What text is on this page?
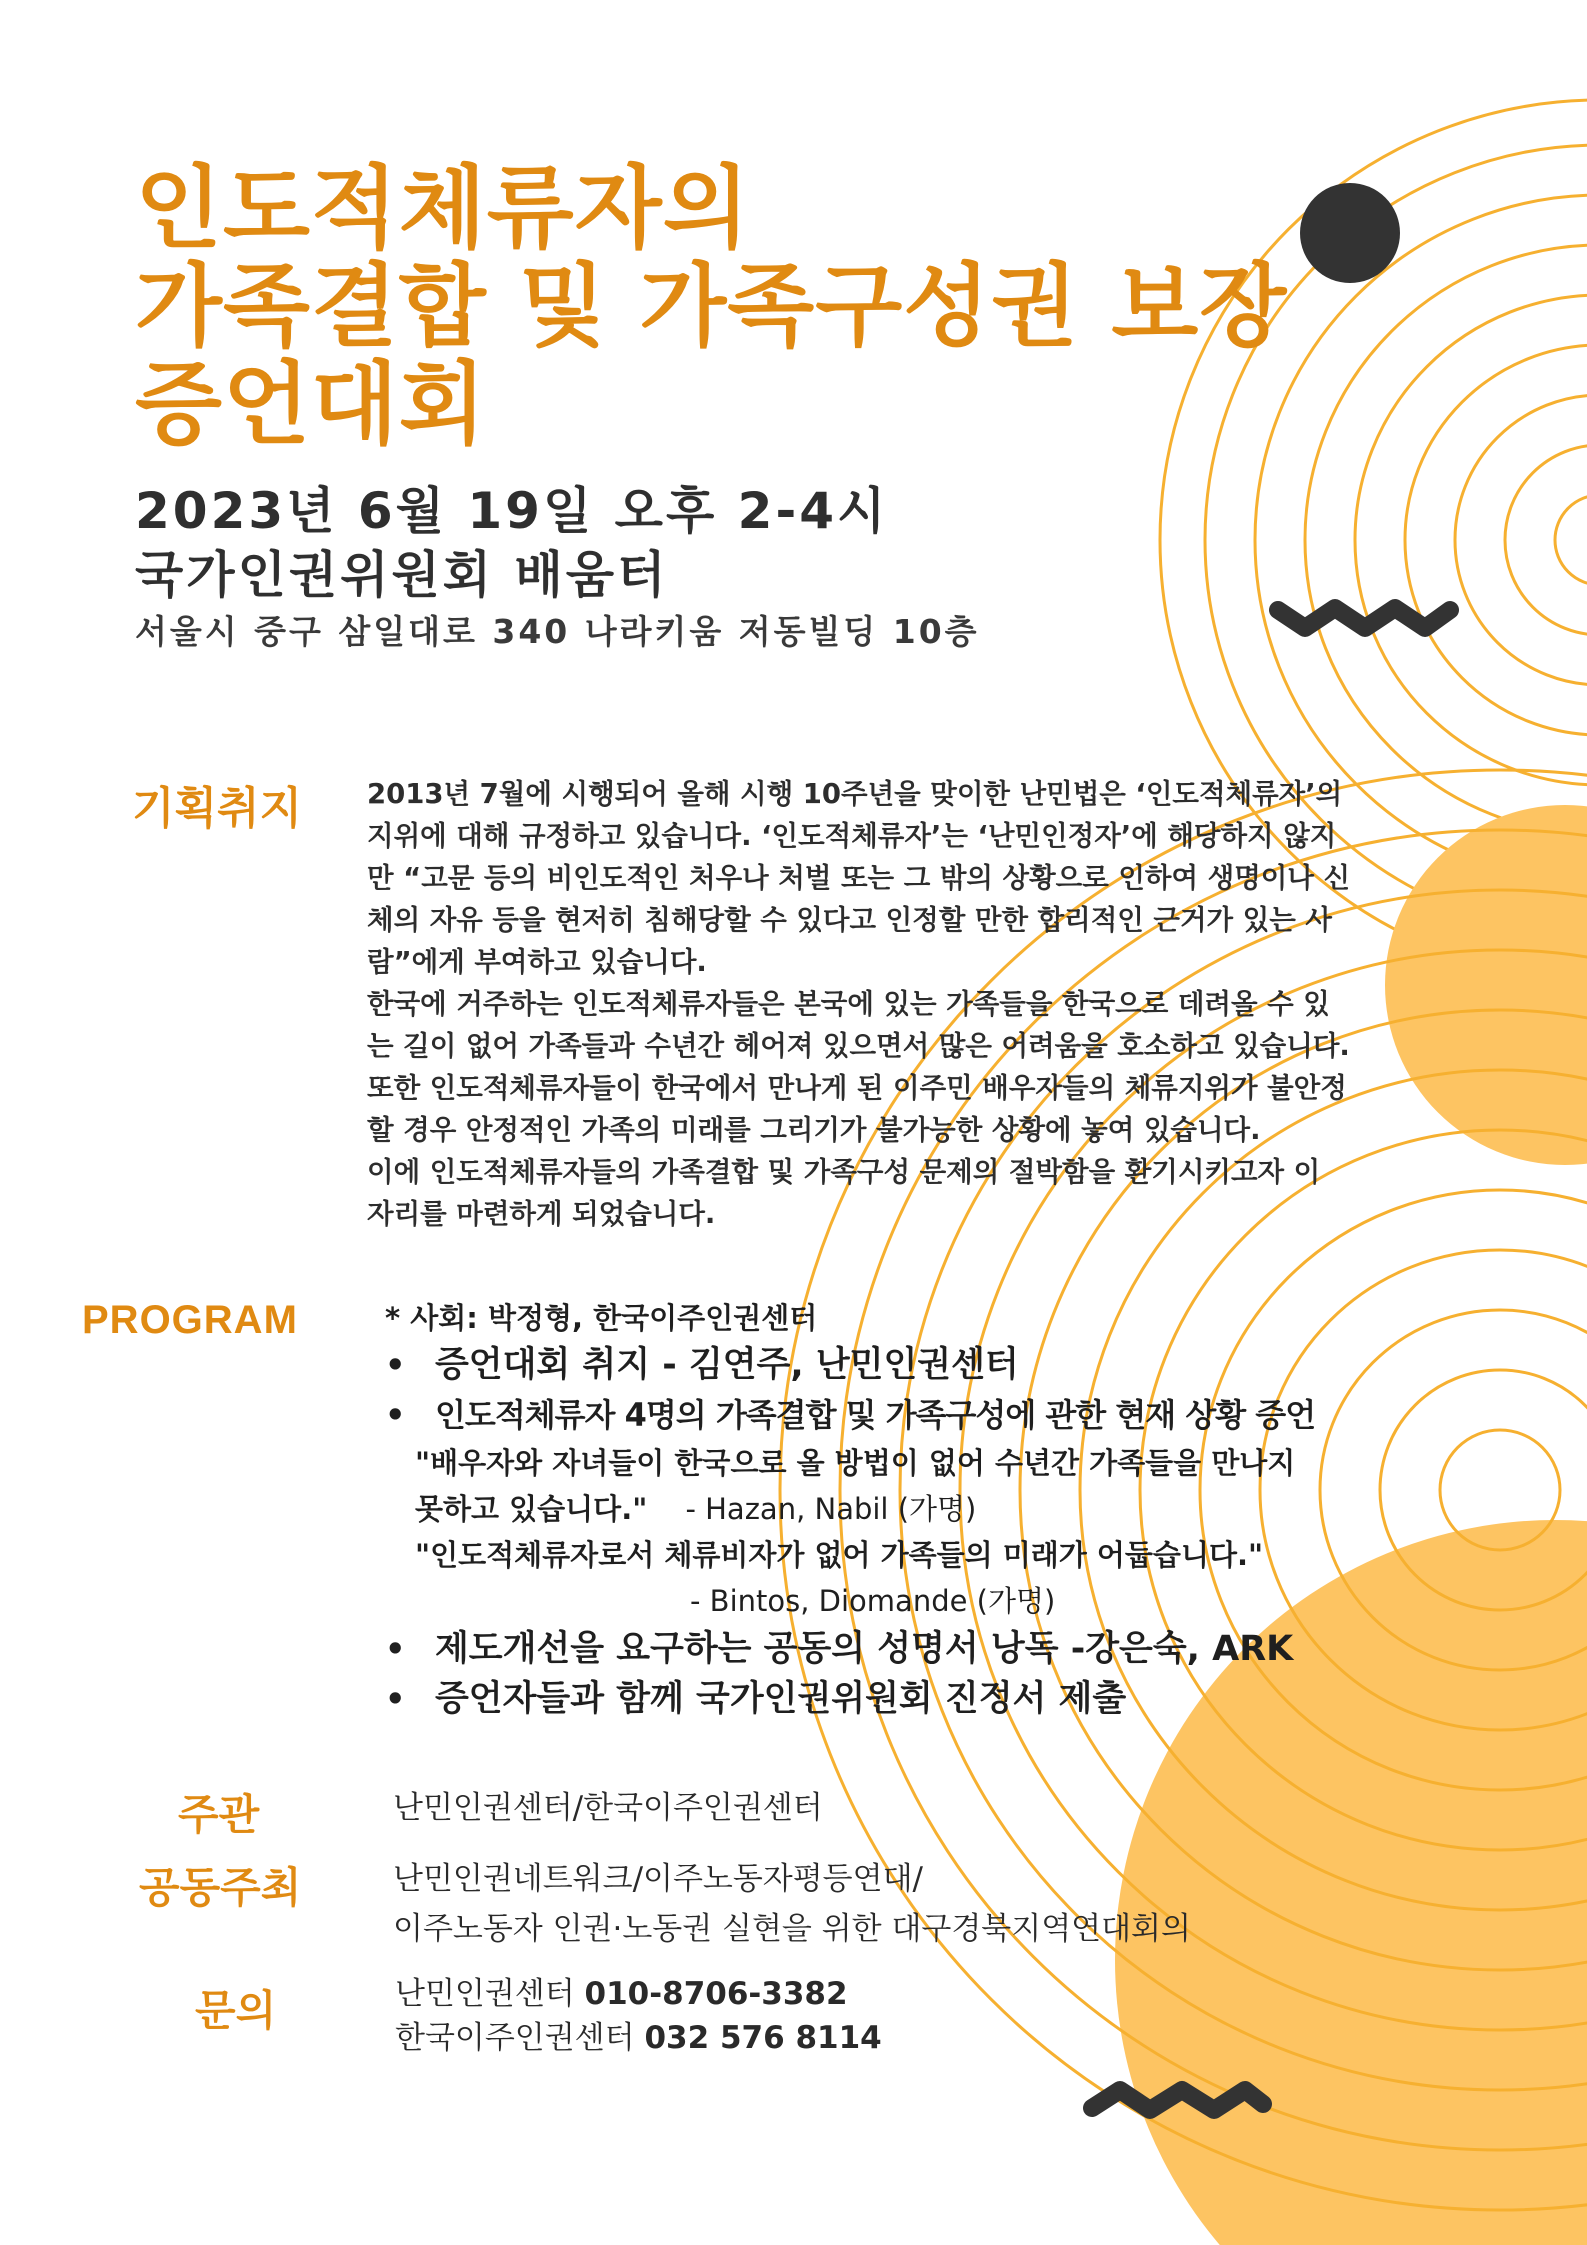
인도적체류자의
가족결합 및 가족구성권 보장
증언대회
2023년 6월 19일 오후 2-4시
국가인권위원회 배움터
서울시 중구 삼일대로 340 나라키움 저동빌딩 10층
기획취지 2013년 7월에 시행되어 올해 시행 10주년을 맞이한 난민법은 ‘인도적체류자’의

지위에 대해 규정하고 있습니다. ‘인도적체류자’는 ‘난민인정자’에 해당하지 않지

만 “고문 등의 비인도적인 처우나 처벌 또는 그 밖의 상황으로 인하여 생명이나 신

체의 자유 등을 현저히 침해당할 수 있다고 인정할 만한 합리적인 근거가 있는 사

람”에게 부여하고 있습니다.

한국에 거주하는 인도적체류자들은 본국에 있는 가족들을 한국으로 데려올 수 있

는 길이 없어 가족들과 수년간 헤어져 있으면서 많은 어려움을 호소하고 있습니다.

또한 인도적체류자들이 한국에서 만나게 된 이주민 배우자들의 체류지위가 불안정

할 경우 안정적인 가족의 미래를 그리기가 불가능한 상황에 놓여 있습니다.

이에 인도적체류자들의 가족결합 및 가족구성 문제의 절박함을 환기시키고자 이

자리를 마련하게 되었습니다.

PROGRAM	* 사회: 박정형, 한국이주인권센터
• 증언대회 취지 - 김연주, 난민인권센터
• 인도적체류자 4명의 가족결합 및 가족구성에 관한 현재 상황 증언
"배우자와 자녀들이 한국으로 올 방법이 없어 수년간 가족들을 만나지
못하고 있습니다." - Hazan, Nabil (가명)
"인도적체류자로서 체류비자가 없어 가족들의 미래가 어둡습니다."
- Bintos, Diomande (가명)
• 제도개선을 요구하는 공동의 성명서 낭독 -강은숙, ARK
• 증언자들과 함께 국가인권위원회 진정서 제출
주관	난민인권센터/한국이주인권센터
공동주최	난민인권네트워크/이주노동자평등연대/
이주노동자 인권·노동권 실현을 위한 대구경북지역연대회의
문의	난민인권센터 010-8706-3382
한국이주인권센터 032 576 8114
